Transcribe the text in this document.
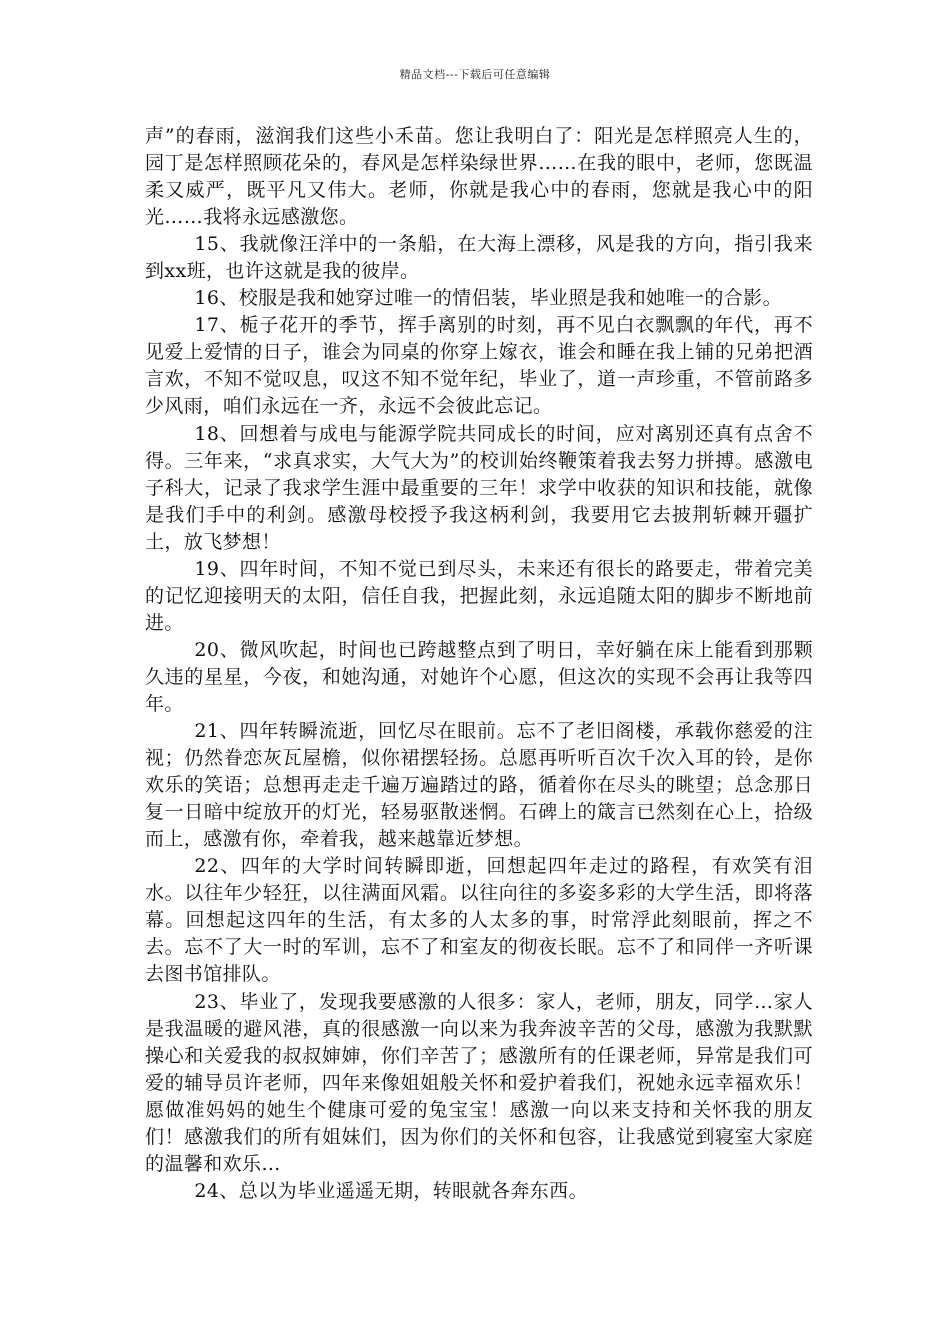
精品文档---下载后可任意编辑

声”的春雨，滋润我们这些小禾苗。您让我明白了：阳光是怎样照亮人生的，园丁是怎样照顾花朵的，春风是怎样染绿世界……在我的眼中，老师，您既温柔又威严，既平凡又伟大。老师，你就是我心中的春雨，您就是我心中的阳光……我将永远感激您。

15、我就像汪洋中的一条船，在大海上漂移，风是我的方向，指引我来到xx班，也许这就是我的彼岸。

16、校服是我和她穿过唯一的情侣装，毕业照是我和她唯一的合影。

17、栀子花开的季节，挥手离别的时刻，再不见白衣飘飘的年代，再不见爱上爱情的日子，谁会为同桌的你穿上嫁衣，谁会和睡在我上铺的兄弟把酒言欢，不知不觉叹息，叹这不知不觉年纪，毕业了，道一声珍重，不管前路多少风雨，咱们永远在一齐，永远不会彼此忘记。

18、回想着与成电与能源学院共同成长的时间，应对离别还真有点舍不得。三年来，“求真求实，大气大为”的校训始终鞭策着我去努力拼搏。感激电子科大，记录了我求学生涯中最重要的三年！求学中收获的知识和技能，就像是我们手中的利剑。感激母校授予我这柄利剑，我要用它去披荆斩棘开疆扩土，放飞梦想！

19、四年时间，不知不觉已到尽头，未来还有很长的路要走，带着完美的记忆迎接明天的太阳，信任自我，把握此刻，永远追随太阳的脚步不断地前进。

20、微风吹起，时间也已跨越整点到了明日，幸好躺在床上能看到那颗久违的星星，今夜，和她沟通，对她许个心愿，但这次的实现不会再让我等四年。

21、四年转瞬流逝，回忆尽在眼前。忘不了老旧阁楼，承载你慈爱的注视；仍然眷恋灰瓦屋檐，似你裙摆轻扬。总愿再听听百次千次入耳的铃，是你欢乐的笑语；总想再走走千遍万遍踏过的路，循着你在尽头的眺望；总念那日复一日暗中绽放开的灯光，轻易驱散迷惘。石碑上的箴言已然刻在心上，拾级而上，感激有你，牵着我，越来越靠近梦想。

22、四年的大学时间转瞬即逝，回想起四年走过的路程，有欢笑有泪水。以往年少轻狂，以往满面风霜。以往向往的多姿多彩的大学生活，即将落幕。回想起这四年的生活，有太多的人太多的事，时常浮此刻眼前，挥之不去。忘不了大一时的军训，忘不了和室友的彻夜长眠。忘不了和同伴一齐听课去图书馆排队。

23、毕业了，发现我要感激的人很多：家人，老师，朋友，同学…家人是我温暖的避风港，真的很感激一向以来为我奔波辛苦的父母，感激为我默默操心和关爱我的叔叔婶婶，你们辛苦了；感激所有的任课老师，异常是我们可爱的辅导员许老师，四年来像姐姐般关怀和爱护着我们，祝她永远幸福欢乐！愿做准妈妈的她生个健康可爱的兔宝宝！感激一向以来支持和关怀我的朋友们！感激我们的所有姐妹们，因为你们的关怀和包容，让我感觉到寝室大家庭的温馨和欢乐…

24、总以为毕业遥遥无期，转眼就各奔东西。
